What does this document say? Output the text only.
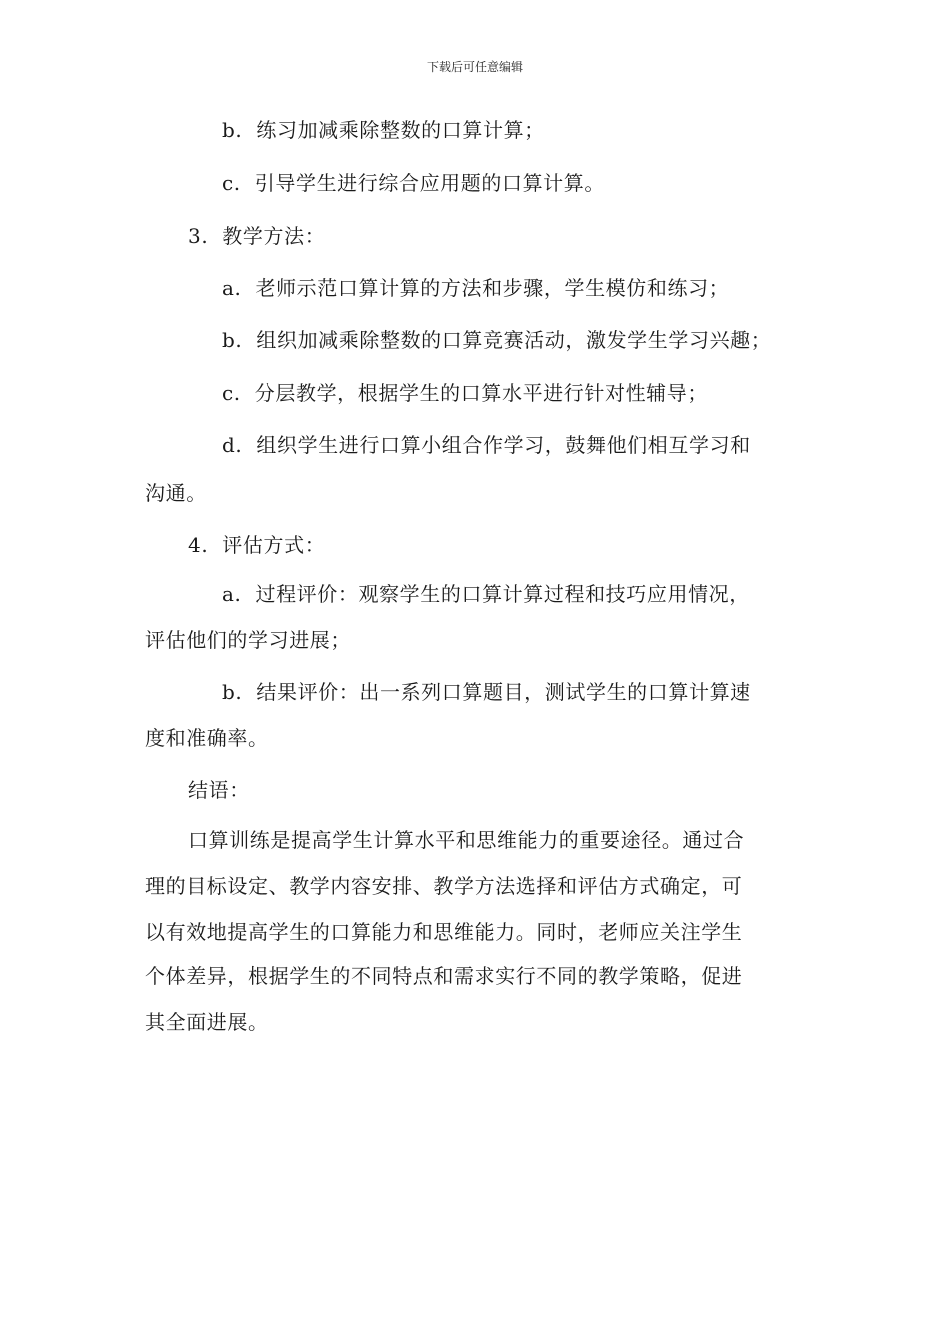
下载后可任意编辑
b. 练习加减乘除整数的口算计算；
c. 引导学生进行综合应用题的口算计算。
3. 教学方法：
a. 老师示范口算计算的方法和步骤，学生模仿和练习；
b. 组织加减乘除整数的口算竞赛活动，激发学生学习兴趣；
c. 分层教学，根据学生的口算水平进行针对性辅导；
d. 组织学生进行口算小组合作学习，鼓舞他们相互学习和
沟通。
4. 评估方式：
a. 过程评价：观察学生的口算计算过程和技巧应用情况，
评估他们的学习进展；
b. 结果评价：出一系列口算题目，测试学生的口算计算速
度和准确率。
结语：
口算训练是提高学生计算水平和思维能力的重要途径。通过合
理的目标设定、教学内容安排、教学方法选择和评估方式确定，可
以有效地提高学生的口算能力和思维能力。同时，老师应关注学生
个体差异，根据学生的不同特点和需求实行不同的教学策略，促进
其全面进展。
